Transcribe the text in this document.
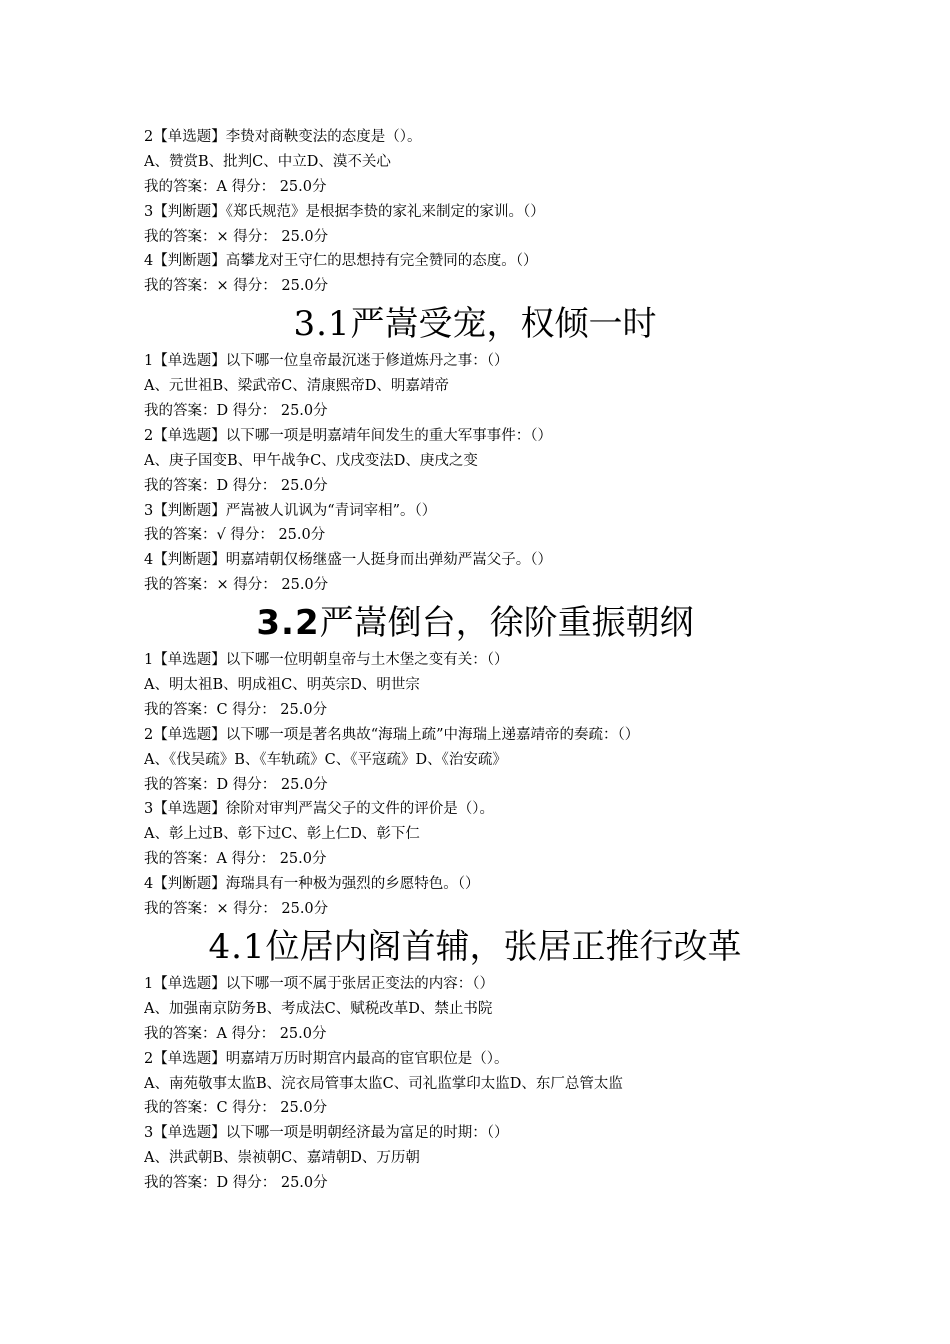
2【单选题】李贽对商鞅变法的态度是（）。
A、赞赏B、批判C、中立D、漠不关心
我的答案：A 得分： 25.0分
3【判断题】《郑氏规范》是根据李贽的家礼来制定的家训。（）
我的答案：× 得分： 25.0分
4【判断题】高攀龙对王守仁的思想持有完全赞同的态度。（）
我的答案：× 得分： 25.0分
3.1严嵩受宠，权倾一时
1【单选题】以下哪一位皇帝最沉迷于修道炼丹之事：（）
A、元世祖B、梁武帝C、清康熙帝D、明嘉靖帝
我的答案：D 得分： 25.0分
2【单选题】以下哪一项是明嘉靖年间发生的重大军事事件：（）
A、庚子国变B、甲午战争C、戊戌变法D、庚戌之变
我的答案：D 得分： 25.0分
3【判断题】严嵩被人讥讽为“青词宰相”。（）
我的答案：√ 得分： 25.0分
4【判断题】明嘉靖朝仅杨继盛一人挺身而出弹劾严嵩父子。（）
我的答案：× 得分： 25.0分
3.2严嵩倒台，徐阶重振朝纲
1【单选题】以下哪一位明朝皇帝与土木堡之变有关：（）
A、明太祖B、明成祖C、明英宗D、明世宗
我的答案：C 得分： 25.0分
2【单选题】以下哪一项是著名典故“海瑞上疏”中海瑞上递嘉靖帝的奏疏：（）
A、《伐吴疏》B、《车轨疏》C、《平寇疏》D、《治安疏》
我的答案：D 得分： 25.0分
3【单选题】徐阶对审判严嵩父子的文件的评价是（）。
A、彰上过B、彰下过C、彰上仁D、彰下仁
我的答案：A 得分： 25.0分
4【判断题】海瑞具有一种极为强烈的乡愿特色。（）
我的答案：× 得分： 25.0分
4.1位居内阁首辅，张居正推行改革
1【单选题】以下哪一项不属于张居正变法的内容：（）
A、加强南京防务B、考成法C、赋税改革D、禁止书院
我的答案：A 得分： 25.0分
2【单选题】明嘉靖万历时期宫内最高的宦官职位是（）。
A、南苑敬事太监B、浣衣局管事太监C、司礼监掌印太监D、东厂总管太监
我的答案：C 得分： 25.0分
3【单选题】以下哪一项是明朝经济最为富足的时期：（）
A、洪武朝B、崇祯朝C、嘉靖朝D、万历朝
我的答案：D 得分： 25.0分
